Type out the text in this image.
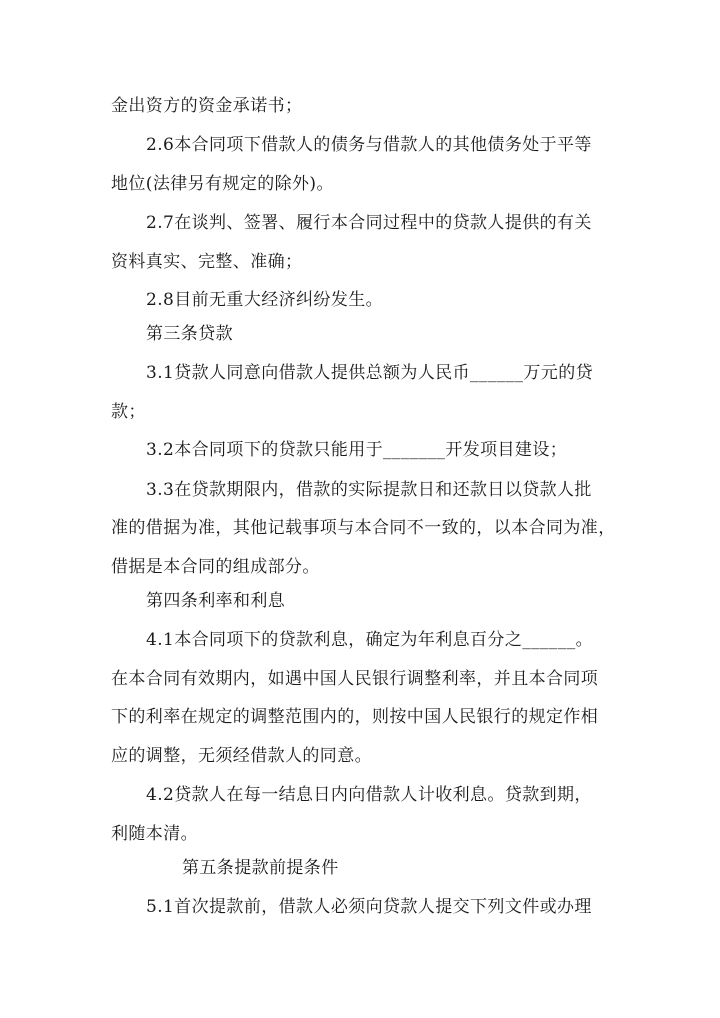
金出资方的资金承诺书；
2.6本合同项下借款人的债务与借款人的其他债务处于平等
地位(法律另有规定的除外)。
2.7在谈判、签署、履行本合同过程中的贷款人提供的有关
资料真实、完整、准确；
2.8目前无重大经济纠纷发生。
第三条贷款
3.1贷款人同意向借款人提供总额为人民币______万元的贷
款；
3.2本合同项下的贷款只能用于_______开发项目建设；
3.3在贷款期限内，借款的实际提款日和还款日以贷款人批
准的借据为准，其他记载事项与本合同不一致的，以本合同为准，
借据是本合同的组成部分。
第四条利率和利息
4.1本合同项下的贷款利息，确定为年利息百分之______。
在本合同有效期内，如遇中国人民银行调整利率，并且本合同项
下的利率在规定的调整范围内的，则按中国人民银行的规定作相
应的调整，无须经借款人的同意。
4.2贷款人在每一结息日内向借款人计收利息。贷款到期，
利随本清。
第五条提款前提条件
5.1首次提款前，借款人必须向贷款人提交下列文件或办理
